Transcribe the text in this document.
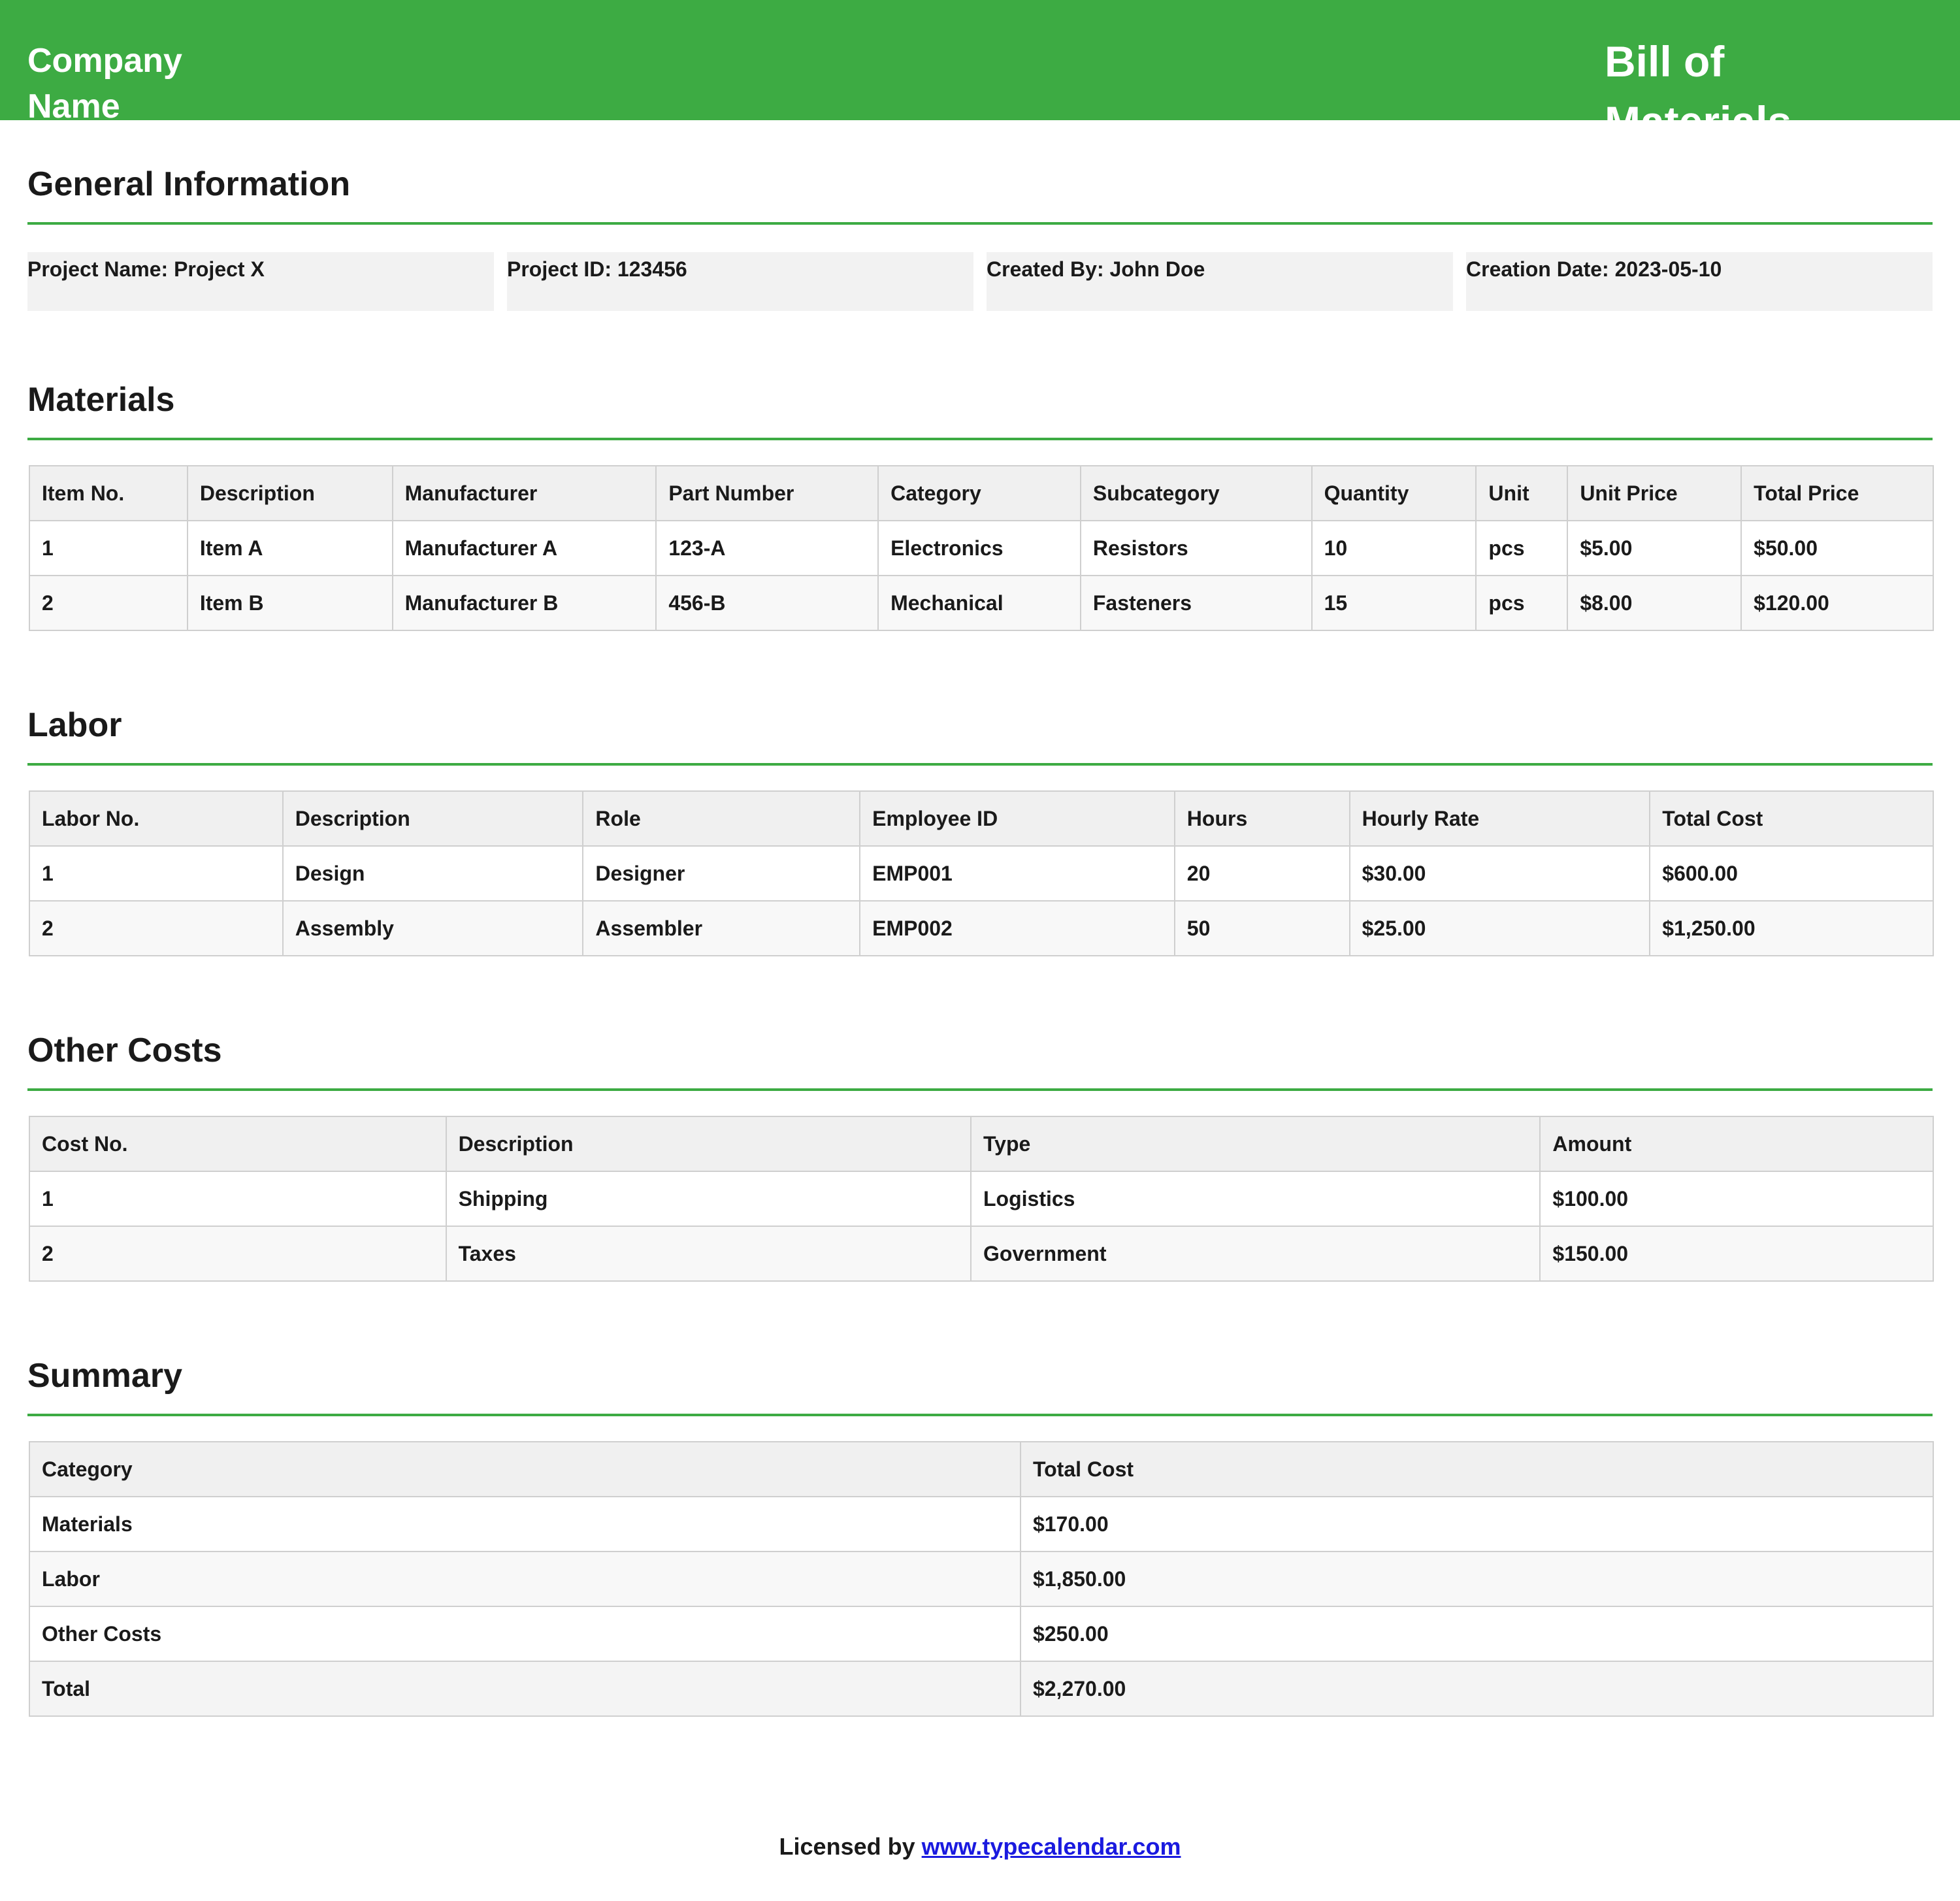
Company Name
Bill of Materials
General Information
Project Name: Project X	Project ID: 123456	Created By: John Doe	Creation Date: 2023-05-10
Materials
Item No.	Description	Manufacturer	Part Number	Category	Subcategory	Quantity	Unit	Unit Price	Total Price
1	Item A	Manufacturer A	123-A	Electronics	Resistors	10	pcs	$5.00	$50.00
2	Item B	Manufacturer B	456-B	Mechanical	Fasteners	15	pcs	$8.00	$120.00
Labor
Labor No.	Description	Role	Employee ID	Hours	Hourly Rate	Total Cost
1	Design	Designer	EMP001	20	$30.00	$600.00
2	Assembly	Assembler	EMP002	50	$25.00	$1,250.00
Other Costs
Cost No.	Description	Type	Amount
1	Shipping	Logistics	$100.00
2	Taxes	Government	$150.00
Summary
Category	Total Cost
Materials	$170.00
Labor	$1,850.00
Other Costs	$250.00
Total	$2,270.00
Licensed by www.typecalendar.com
